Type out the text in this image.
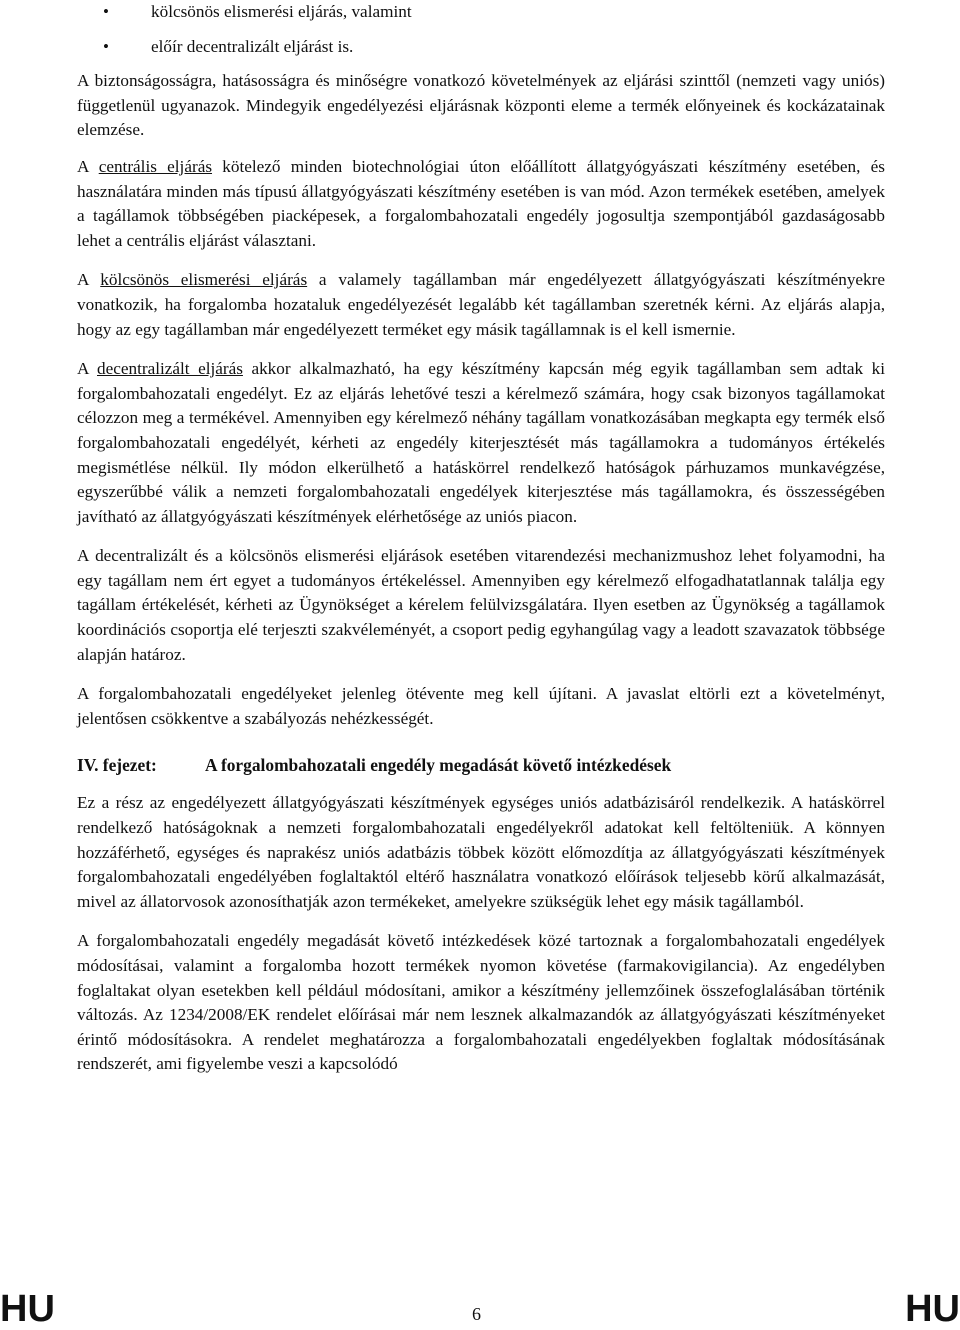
• kölcsönös elismerési eljárás, valamint
• előír decentralizált eljárást is.

A biztonságosságra, hatásosságra és minőségre vonatkozó követelmények az eljárási szinttől (nemzeti vagy uniós) függetlenül ugyanazok. Mindegyik engedélyezési eljárásnak központi eleme a termék előnyeinek és kockázatainak elemzése.

A centrális eljárás kötelező minden biotechnológiai úton előállított állatgyógyászati készítmény esetében, és használatára minden más típusú állatgyógyászati készítmény esetében is van mód. Azon termékek esetében, amelyek a tagállamok többségében piacképesek, a forgalombahozatali engedély jogosultja szempontjából gazdaságosabb lehet a centrális eljárást választani.

A kölcsönös elismerési eljárás a valamely tagállamban már engedélyezett állatgyógyászati készítményekre vonatkozik, ha forgalomba hozataluk engedélyezését legalább két tagállamban szeretnék kérni. Az eljárás alapja, hogy az egy tagállamban már engedélyezett terméket egy másik tagállamnak is el kell ismernie.

A decentralizált eljárás akkor alkalmazható, ha egy készítmény kapcsán még egyik tagállamban sem adtak ki forgalombahozatali engedélyt. Ez az eljárás lehetővé teszi a kérelmező számára, hogy csak bizonyos tagállamokat célozzon meg a termékével. Amennyiben egy kérelmező néhány tagállam vonatkozásában megkapta egy termék első forgalombahozatali engedélyét, kérheti az engedély kiterjesztését más tagállamokra a tudományos értékelés megismétlése nélkül. Ily módon elkerülhető a hatáskörrel rendelkező hatóságok párhuzamos munkavégzése, egyszerűbbé válik a nemzeti forgalombahozatali engedélyek kiterjesztése más tagállamokra, és összességében javítható az állatgyógyászati készítmények elérhetősége az uniós piacon.

A decentralizált és a kölcsönös elismerési eljárások esetében vitarendezési mechanizmushoz lehet folyamodni, ha egy tagállam nem ért egyet a tudományos értékeléssel. Amennyiben egy kérelmező elfogadhatatlannak találja egy tagállam értékelését, kérheti az Ügynökséget a kérelem felülvizsgálatára. Ilyen esetben az Ügynökség a tagállamok koordinációs csoportja elé terjeszti szakvéleményét, a csoport pedig egyhangúlag vagy a leadott szavazatok többsége alapján határoz.

A forgalombahozatali engedélyeket jelenleg ötévente meg kell újítani. A javaslat eltörli ezt a követelményt, jelentősen csökkentve a szabályozás nehézkességét.

IV. fejezet:	A forgalombahozatali engedély megadását követő intézkedések

Ez a rész az engedélyezett állatgyógyászati készítmények egységes uniós adatbázisáról rendelkezik. A hatáskörrel rendelkező hatóságoknak a nemzeti forgalombahozatali engedélyekről adatokat kell feltölteniük. A könnyen hozzáférhető, egységes és naprakész uniós adatbázis többek között előmozdítja az állatgyógyászati készítmények forgalombahozatali engedélyében foglaltaktól eltérő használatra vonatkozó előírások teljesebb körű alkalmazását, mivel az állatorvosok azonosíthatják azon termékeket, amelyekre szükségük lehet egy másik tagállamból.

A forgalombahozatali engedély megadását követő intézkedések közé tartoznak a forgalombahozatali engedélyek módosításai, valamint a forgalomba hozott termékek nyomon követése (farmakovigilancia). Az engedélyben foglaltakat olyan esetekben kell például módosítani, amikor a készítmény jellemzőinek összefoglalásában történik változás. Az 1234/2008/EK rendelet előírásai már nem lesznek alkalmazandók az állatgyógyászati készítményeket érintő módosításokra. A rendelet meghatározza a forgalombahozatali engedélyekben foglaltak módosításának rendszerét, ami figyelembe veszi a kapcsolódó

HU	6	HU
